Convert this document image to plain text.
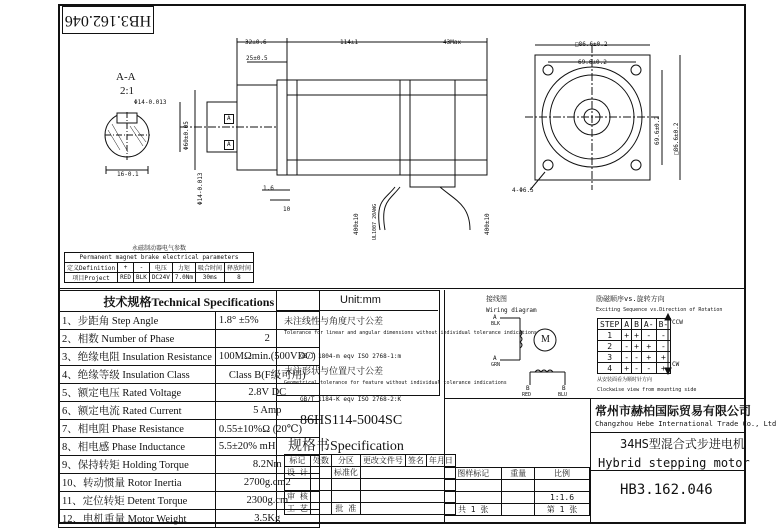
HB3.162.046
A-A
2:1
Φ14-0.013
16-0.1
32±0.6
25±0.5
114±1	43Max
Φ60±0.05
Φ14-0.013	1.6
10
A
A
400±10 UL1007 20AWG	400±10
□86.6±0.2
69.6±0.2
69.6±0.2 □86.6±0.2
4-Φ6.5
永磁制动器电气参数						
Permanent magnet brake electrical parameters						
定义Definition	+	-	电压	力矩	吸合时间	释放时间
项目Project	RED	BLK	DC24V	7.0Nm	30ms	8
技术规格Technical Specifications	
1、步距角 Step Angle	1.8° ±5%
2、相数 Number of Phase	2
3、绝缘电阻 Insulation Resistance	100MΩmin.(500VDC)
4、绝缘等级 Insulation Class	Class B(F级可用)
5、额定电压 Rated Voltage	2.8V DC
6、额定电流 Rated Current	5 Amp
7、相电阻 Phase Resistance	0.55±10%Ω (20℃)
8、相电感 Phase Inductance	5.5±20% mH
9、保持转矩 Holding Torque	8.2Nm
10、转动惯量 Rotor Inertia	2700g.cm2
11、定位转矩 Detent Torque	2300g.cm
12、电机重量 Motor Weight	3.5Kg
Unit:mm
未注线性与角度尺寸公差
Tolerance for linear and angular dimensions without individual tolerance indications
GB/T 1804-m eqv ISO 2768-1:m
未注形状与位置尺寸公差
Geometrical tolerance for feature without individual tolerance indications
GB/T 1184-K eqv ISO 2768-2:K
86HS114-5004SC
规格书Specification
标记	处数	分区	更改文件号	签名	年月日
设 计		标准化			

审 核					
工 艺		批 准			
常州市赫柏国际贸易有限公司
Changzhou Hebe International Trade Co., Ltd
34HS型混合式步进电机
Hybrid stepping motor
HB3.162.046
图样标记	重量	比例

		1:1.6
共 1 张		第 1 张
接线图
Wiring diagram
A
BLK
A
GRN
B
RED
B
BLU
M
励磁顺序vs.旋转方向
Exciting Sequence vs.Direction of Rotation
STEP	A	B	A-	B-
1	+	+	-	-
2	-	+	+	-
3	-	-	+	+
4	+	-	-	+
CCW
CW
从安装面看为顺时针方向
Clockwise view from mounting side
